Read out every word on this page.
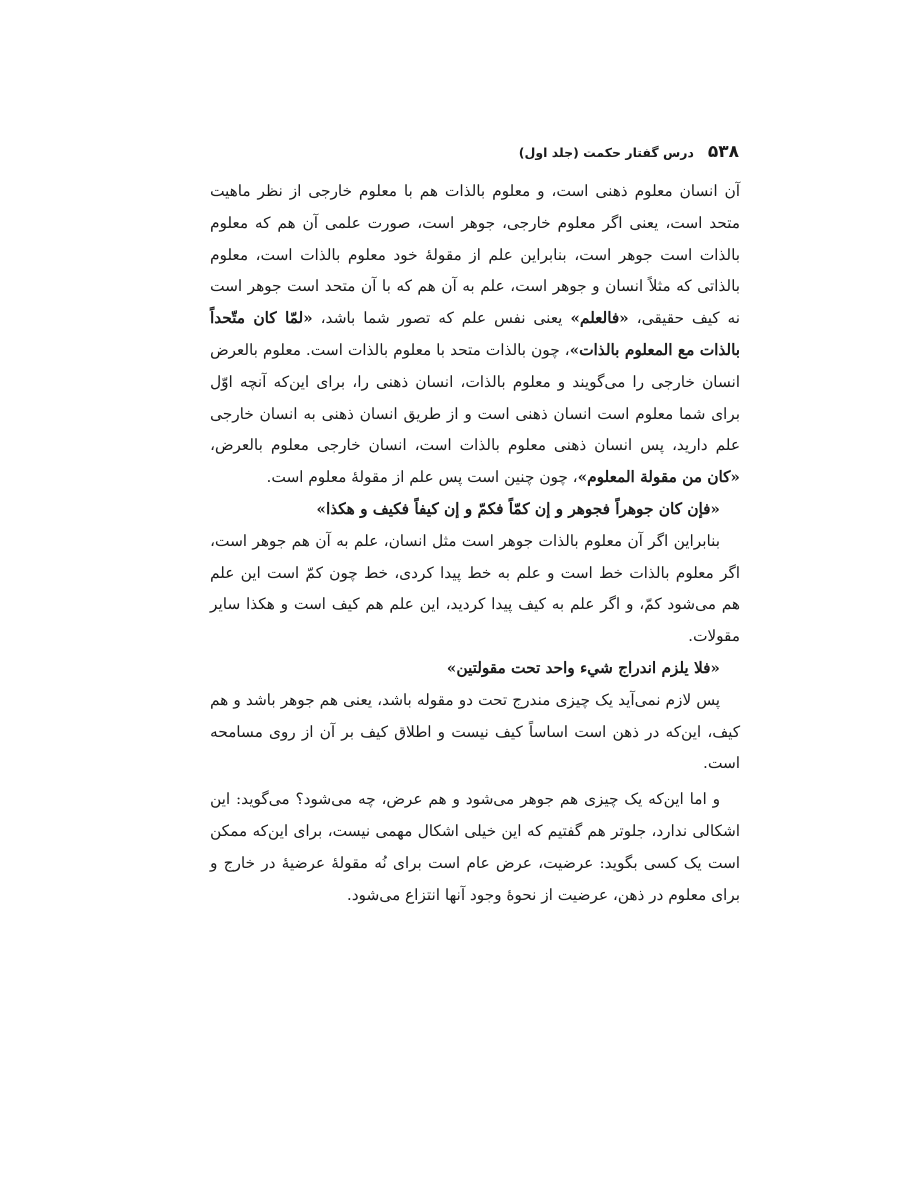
۵۳۸
درس گفتار حکمت (جلد اول)

آن انسان معلوم ذهنی است، و معلوم بالذات هم با معلوم خارجی از نظر ماهیت متحد است، یعنی اگر معلوم خارجی، جوهر است، صورت علمی آن هم که معلوم بالذات است جوهر است، بنابراین علم از مقولۀ خود معلوم بالذات است، معلوم بالذاتی که مثلاً انسان و جوهر است، علم به آن هم که با آن متحد است جوهر است نه کیف حقیقی، «فالعلم» یعنی نفس علم که تصور شما باشد، «لمّا کان متّحداً بالذات مع المعلوم بالذات»، چون بالذات متحد با معلوم بالذات است. معلوم بالعرض انسان خارجی را می‌گویند و معلوم بالذات، انسان ذهنی را، برای این‌که آنچه اوّل برای شما معلوم است انسان ذهنی است و از طریق انسان ذهنی به انسان خارجی علم دارید، پس انسان ذهنی معلوم بالذات است، انسان خارجی معلوم بالعرض، «کان من مقولة المعلوم»، چون چنین است پس علم از مقولۀ معلوم است.

«فإن کان جوهراً فجوهر و إن کمّاً فکمّ و إن کیفاً فکیف و هکذا»

بنابراین اگر آن معلوم بالذات جوهر است مثل انسان، علم به آن هم جوهر است، اگر معلوم بالذات خط است و علم به خط پیدا کردی، خط چون کمّ است این علم هم می‌شود کمّ، و اگر علم به کیف پیدا کردید، این علم هم کیف است و هکذا سایر مقولات.

«فلا یلزم اندراج شيء واحد تحت مقولتین»

پس لازم نمی‌آید یک چیزی مندرج تحت دو مقوله باشد، یعنی هم جوهر باشد و هم کیف، این‌که در ذهن است اساساً کیف نیست و اطلاق کیف بر آن از روی مسامحه است.

و اما این‌که یک چیزی هم جوهر می‌شود و هم عرض، چه می‌شود؟ می‌گوید: این اشکالی ندارد، جلوتر هم گفتیم که این خیلی اشکال مهمی نیست، برای این‌که ممکن است یک کسی بگوید: عرضیت، عرض عام است برای نُه مقولۀ عرضیۀ در خارج و برای معلوم در ذهن، عرضیت از نحوۀ وجود آنها انتزاع می‌شود.
